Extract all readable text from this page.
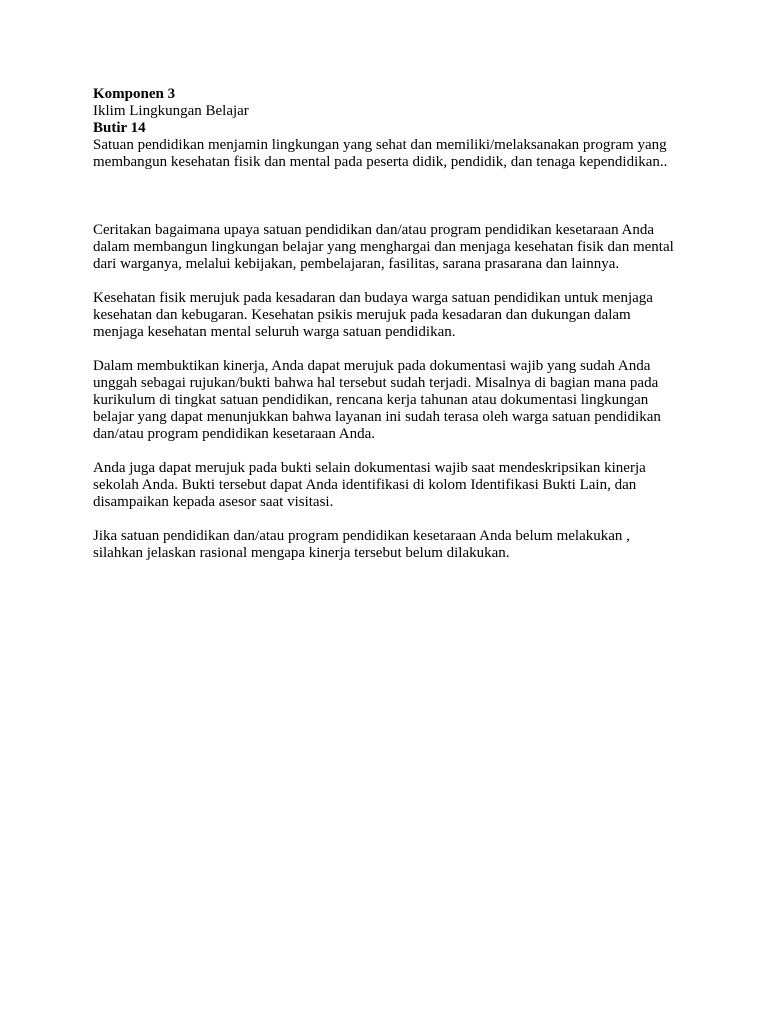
Komponen 3

Iklim Lingkungan Belajar

Butir 14

Satuan pendidikan menjamin lingkungan yang sehat dan memiliki/melaksanakan program yang membangun kesehatan fisik dan mental pada peserta didik, pendidik, dan tenaga kependidikan..

Ceritakan bagaimana upaya satuan pendidikan dan/atau program pendidikan kesetaraan Anda dalam membangun lingkungan belajar yang menghargai dan menjaga kesehatan fisik dan mental dari warganya, melalui kebijakan, pembelajaran, fasilitas, sarana prasarana dan lainnya.

Kesehatan fisik merujuk pada kesadaran dan budaya warga satuan pendidikan untuk menjaga kesehatan dan kebugaran. Kesehatan psikis merujuk pada kesadaran dan dukungan dalam menjaga kesehatan mental seluruh warga satuan pendidikan.

Dalam membuktikan kinerja, Anda dapat merujuk pada dokumentasi wajib yang sudah Anda unggah sebagai rujukan/bukti bahwa hal tersebut sudah terjadi. Misalnya di bagian mana pada kurikulum di tingkat satuan pendidikan, rencana kerja tahunan atau dokumentasi lingkungan belajar yang dapat menunjukkan bahwa layanan ini sudah terasa oleh warga satuan pendidikan dan/atau program pendidikan kesetaraan Anda.

Anda juga dapat merujuk pada bukti selain dokumentasi wajib saat mendeskripsikan kinerja sekolah Anda. Bukti tersebut dapat Anda identifikasi di kolom Identifikasi Bukti Lain, dan disampaikan kepada asesor saat visitasi.

Jika satuan pendidikan dan/atau program pendidikan kesetaraan Anda belum melakukan , silahkan jelaskan rasional mengapa kinerja tersebut belum dilakukan.
